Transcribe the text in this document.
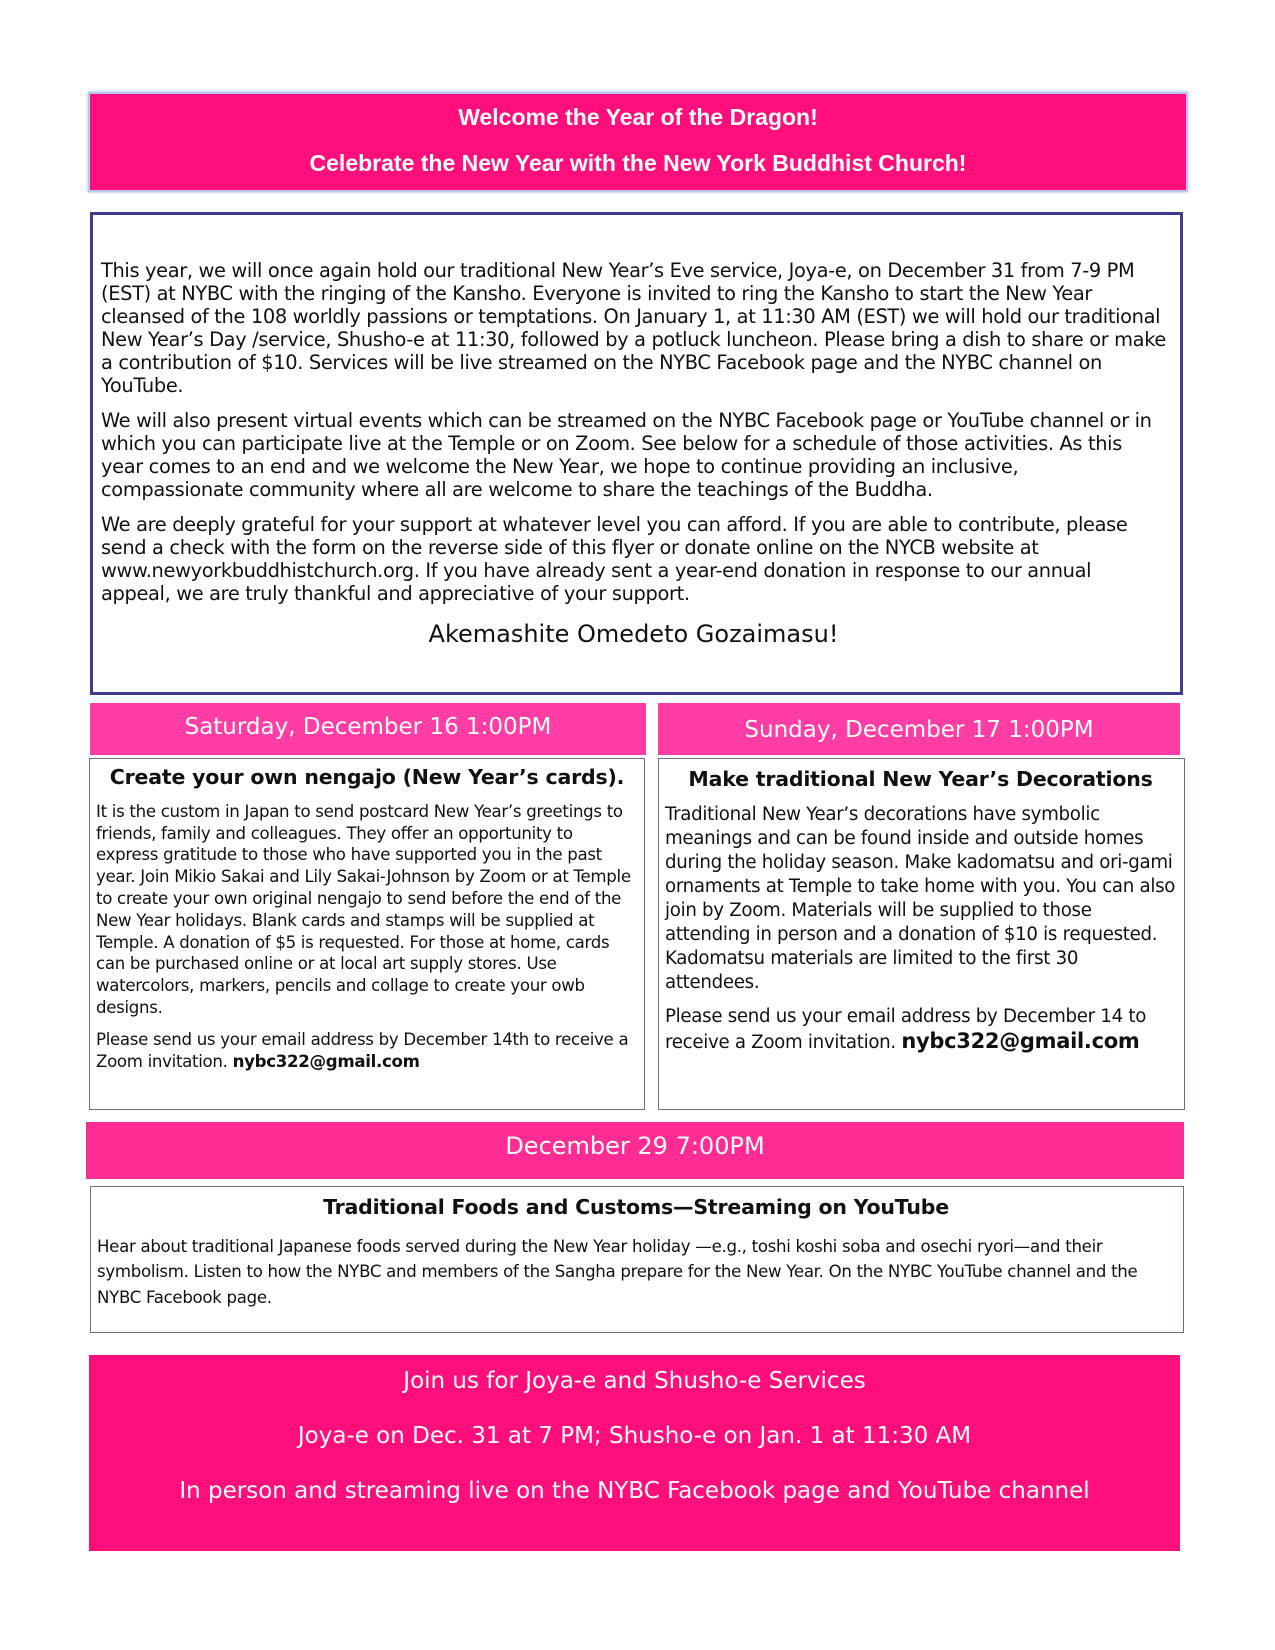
Welcome the Year of the Dragon!
Celebrate the New Year with the New York Buddhist Church!

This year, we will once again hold our traditional New Year’s Eve service, Joya-e, on December 31 from 7-9 PM (EST) at NYBC with the ringing of the Kansho. Everyone is invited to ring the Kansho to start the New Year cleansed of the 108 worldly passions or temptations. On January 1, at 11:30 AM (EST) we will hold our traditional New Year’s Day /service, Shusho-e at 11:30, followed by a potluck luncheon. Please bring a dish to share or make a contribution of $10. Services will be live streamed on the NYBC Facebook page and the NYBC channel on YouTube.

We will also present virtual events which can be streamed on the NYBC Facebook page or YouTube channel or in which you can participate live at the Temple or on Zoom. See below for a schedule of those activities. As this year comes to an end and we welcome the New Year, we hope to continue providing an inclusive, compassionate community where all are welcome to share the teachings of the Buddha.

We are deeply grateful for your support at whatever level you can afford. If you are able to contribute, please send a check with the form on the reverse side of this flyer or donate online on the NYCB website at www.newyorkbuddhistchurch.org. If you have already sent a year-end donation in response to our annual appeal, we are truly thankful and appreciative of your support.

Akemashite Omedeto Gozaimasu!

Saturday, December 16 1:00PM	Sunday, December 17 1:00PM
Create your own nengajo (New Year’s cards).

It is the custom in Japan to send postcard New Year’s greetings to friends, family and colleagues. They offer an opportunity to express gratitude to those who have supported you in the past year. Join Mikio Sakai and Lily Sakai-Johnson by Zoom or at Temple to create your own original nengajo to send before the end of the New Year holidays. Blank cards and stamps will be supplied at Temple. A donation of $5 is requested. For those at home, cards can be purchased online or at local art supply stores. Use watercolors, markers, pencils and collage to create your owb designs.

Please send us your email address by December 14th to receive a Zoom invitation. nybc322@gmail.com

Make traditional New Year’s Decorations

Traditional New Year’s decorations have symbolic meanings and can be found inside and outside homes during the holiday season. Make kadomatsu and ori-gami ornaments at Temple to take home with you. You can also join by Zoom. Materials will be supplied to those attending in person and a donation of $10 is requested. Kadomatsu materials are limited to the first 30 attendees.

Please send us your email address by December 14 to receive a Zoom invitation. nybc322@gmail.com

December 29 7:00PM
Traditional Foods and Customs—Streaming on YouTube

Hear about traditional Japanese foods served during the New Year holiday —e.g., toshi koshi soba and osechi ryori—and their symbolism. Listen to how the NYBC and members of the Sangha prepare for the New Year. On the NYBC YouTube channel and the NYBC Facebook page.

Join us for Joya-e and Shusho-e Services
Joya-e on Dec. 31 at 7 PM; Shusho-e on Jan. 1 at 11:30 AM
In person and streaming live on the NYBC Facebook page and YouTube channel
